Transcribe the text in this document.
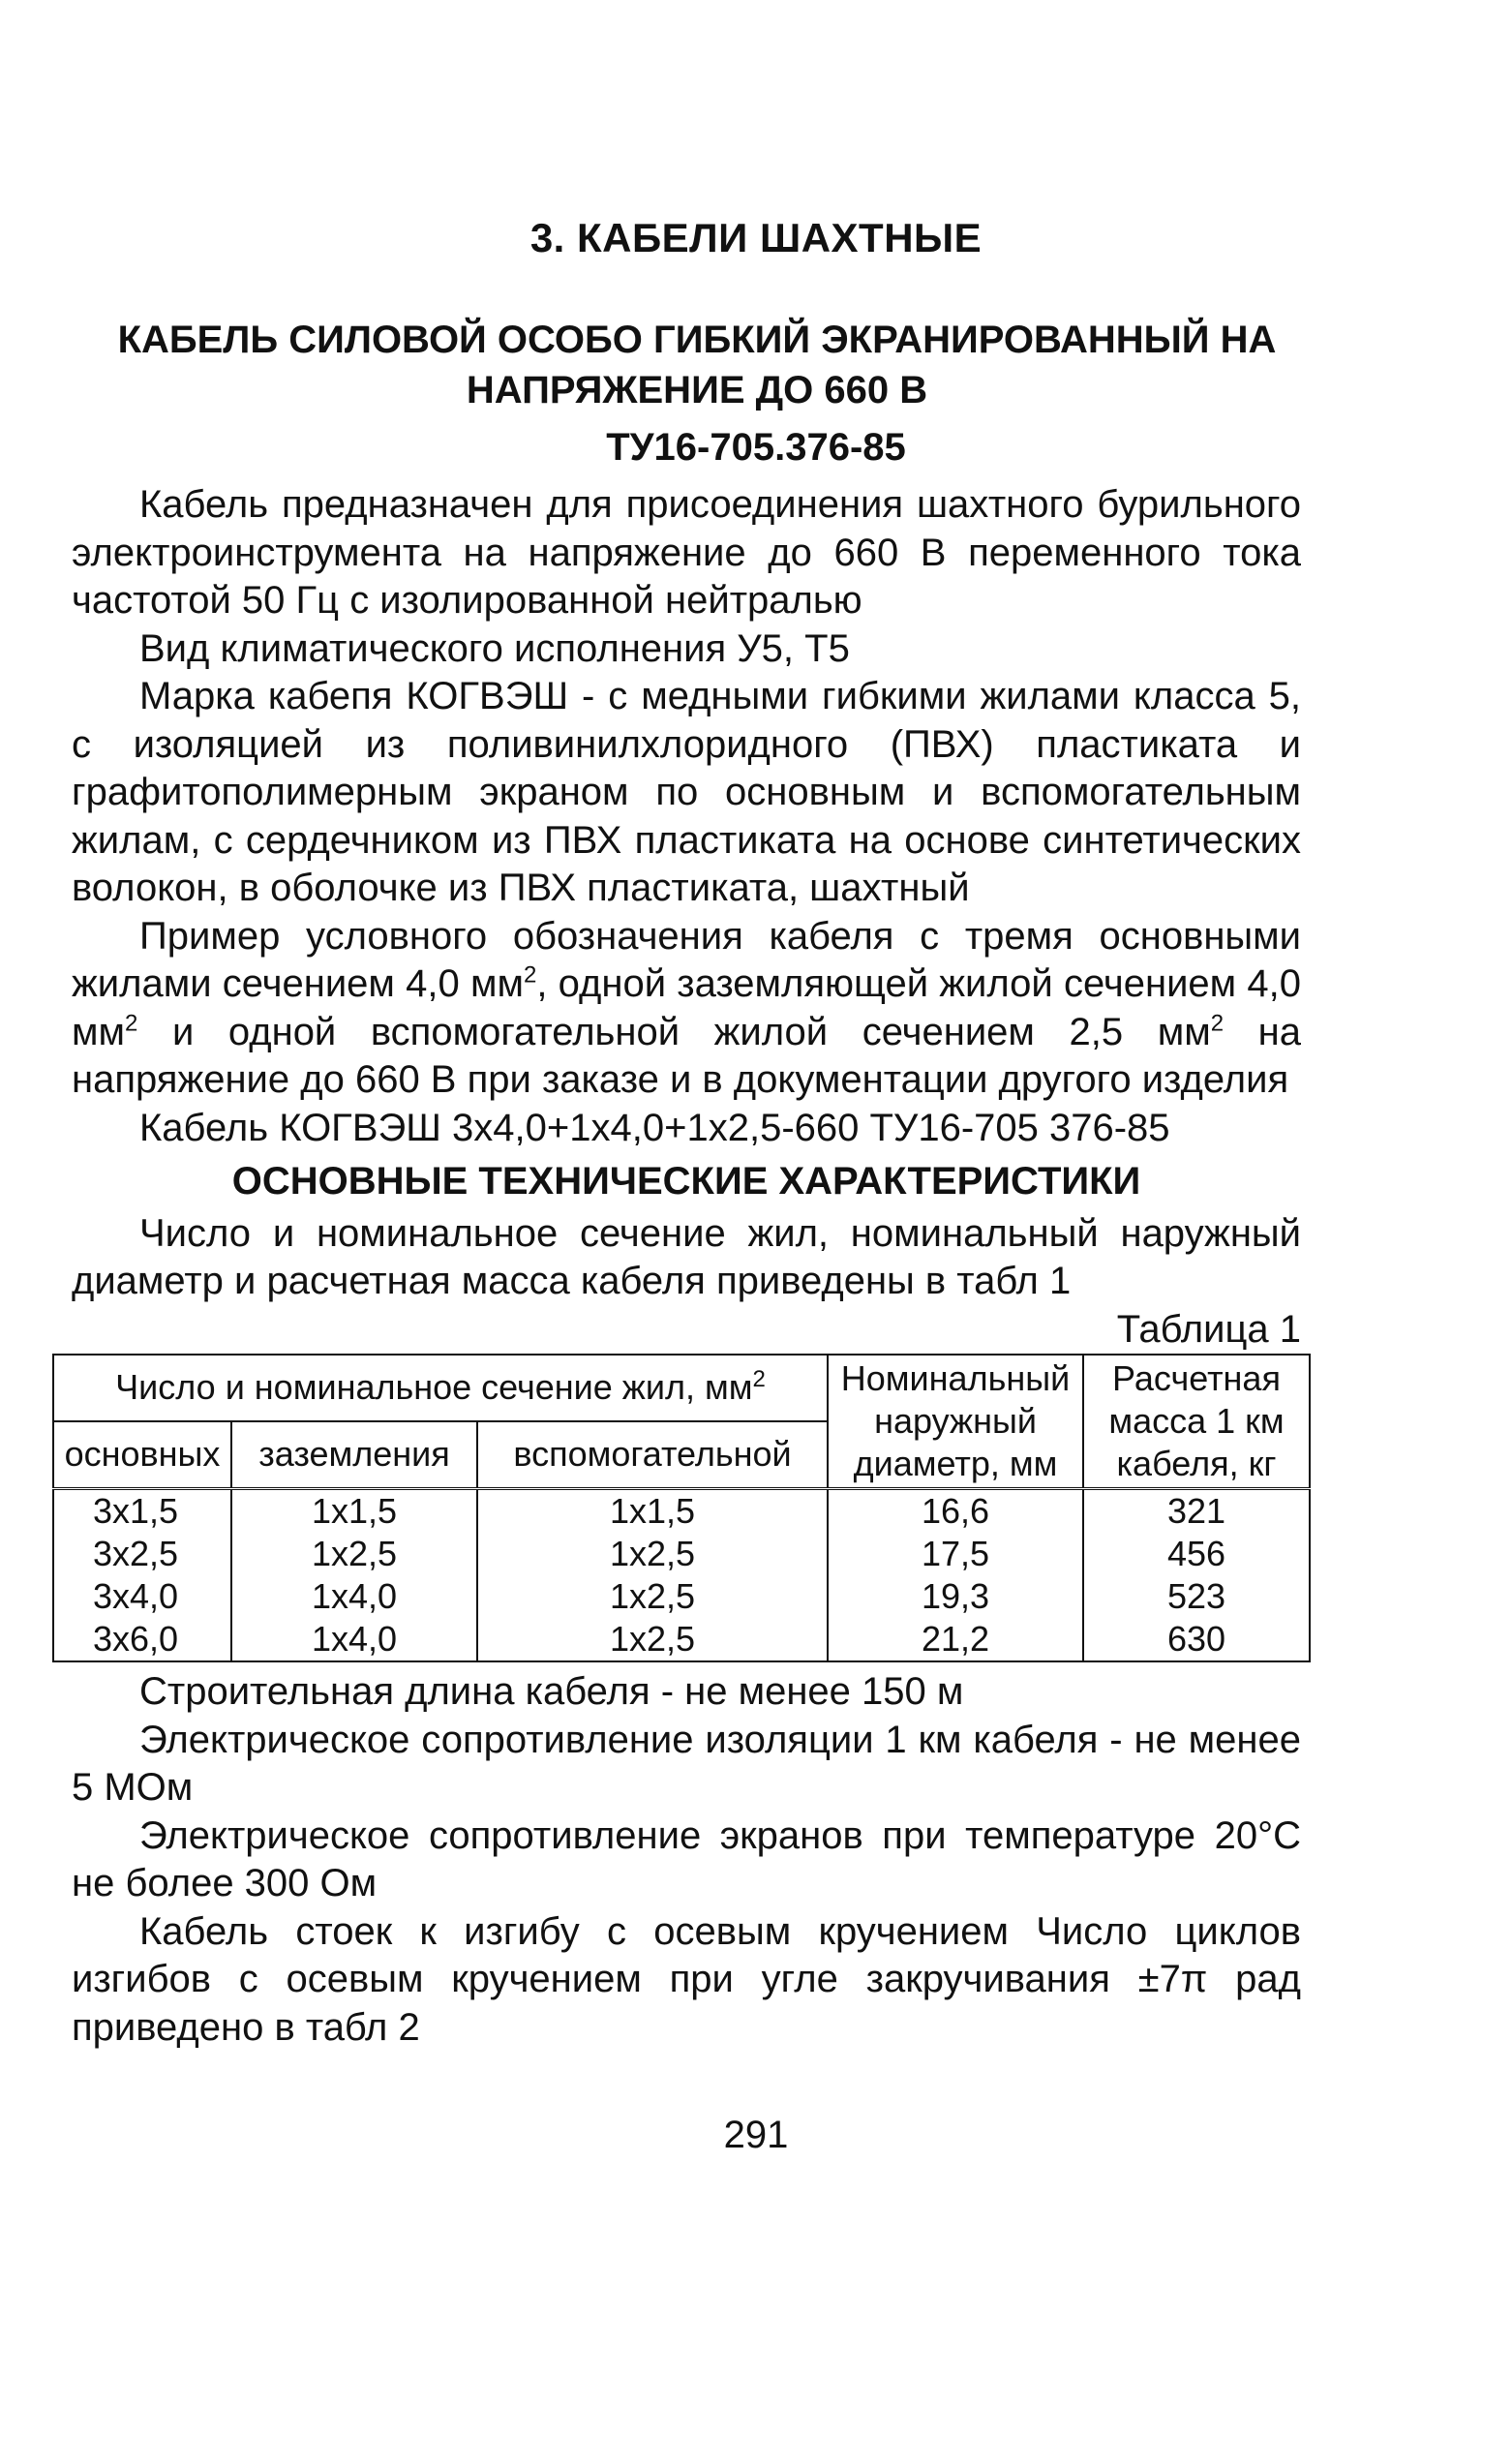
3. КАБЕЛИ ШАХТНЫЕ
КАБЕЛЬ СИЛОВОЙ ОСОБО ГИБКИЙ ЭКРАНИРОВАННЫЙ НА НАПРЯЖЕНИЕ ДО 660 В
ТУ16-705.376-85

Кабель предназначен для присоединения шахтного бурильного электроинструмента на напряжение до 660 В переменного тока частотой 50 Гц с изолированной нейтралью

Вид климатического исполнения У5, Т5

Марка кабепя КОГВЭШ - с медными гибкими жилами класса 5, с изоляцией из поливинилхлоридного (ПВХ) пластиката и графитополимерным экраном по основным и вспомогательным жилам, с сердечником из ПВХ пластиката на основе синтетических волокон, в оболочке из ПВХ пластиката, шахтный

Пример условного обозначения кабеля с тремя основными жилами сечением 4,0 $мм^2$, одной заземляющей жилой сечением 4,0 $мм^2$ и одной вспомогательной жилой сечением 2,5 $мм^2$ на напряжение до 660 В при заказе и в документации другого изделия

Кабель КОГВЭШ 3х4,0+1х4,0+1х2,5-660 ТУ16-705 376-85

ОСНОВНЫЕ ТЕХНИЧЕСКИЕ ХАРАКТЕРИСТИКИ

Число и номинальное сечение жил, номинальный наружный диаметр и расчетная масса кабеля приведены в табл 1

Таблица 1

Число и номинальное сечение жил, $мм^2$			Номинальный наружный диаметр, мм	Расчетная масса 1 км кабеля, кг
основных	заземления	вспомогательной		
3х1,5	1х1,5	1х1,5	16,6	321
3х2,5	1х2,5	1х2,5	17,5	456
3х4,0	1х4,0	1х2,5	19,3	523
3х6,0	1х4,0	1х2,5	21,2	630

Строительная длина кабеля - не менее 150 м

Электрическое сопротивление изоляции 1 км кабеля - не менее 5 МОм

Электрическое сопротивление экранов при температуре 20°С не более 300 Ом

Кабель стоек к изгибу с осевым кручением Число циклов изгибов с осевым кручением при угле закручивания ±7π рад приведено в табл 2

291
